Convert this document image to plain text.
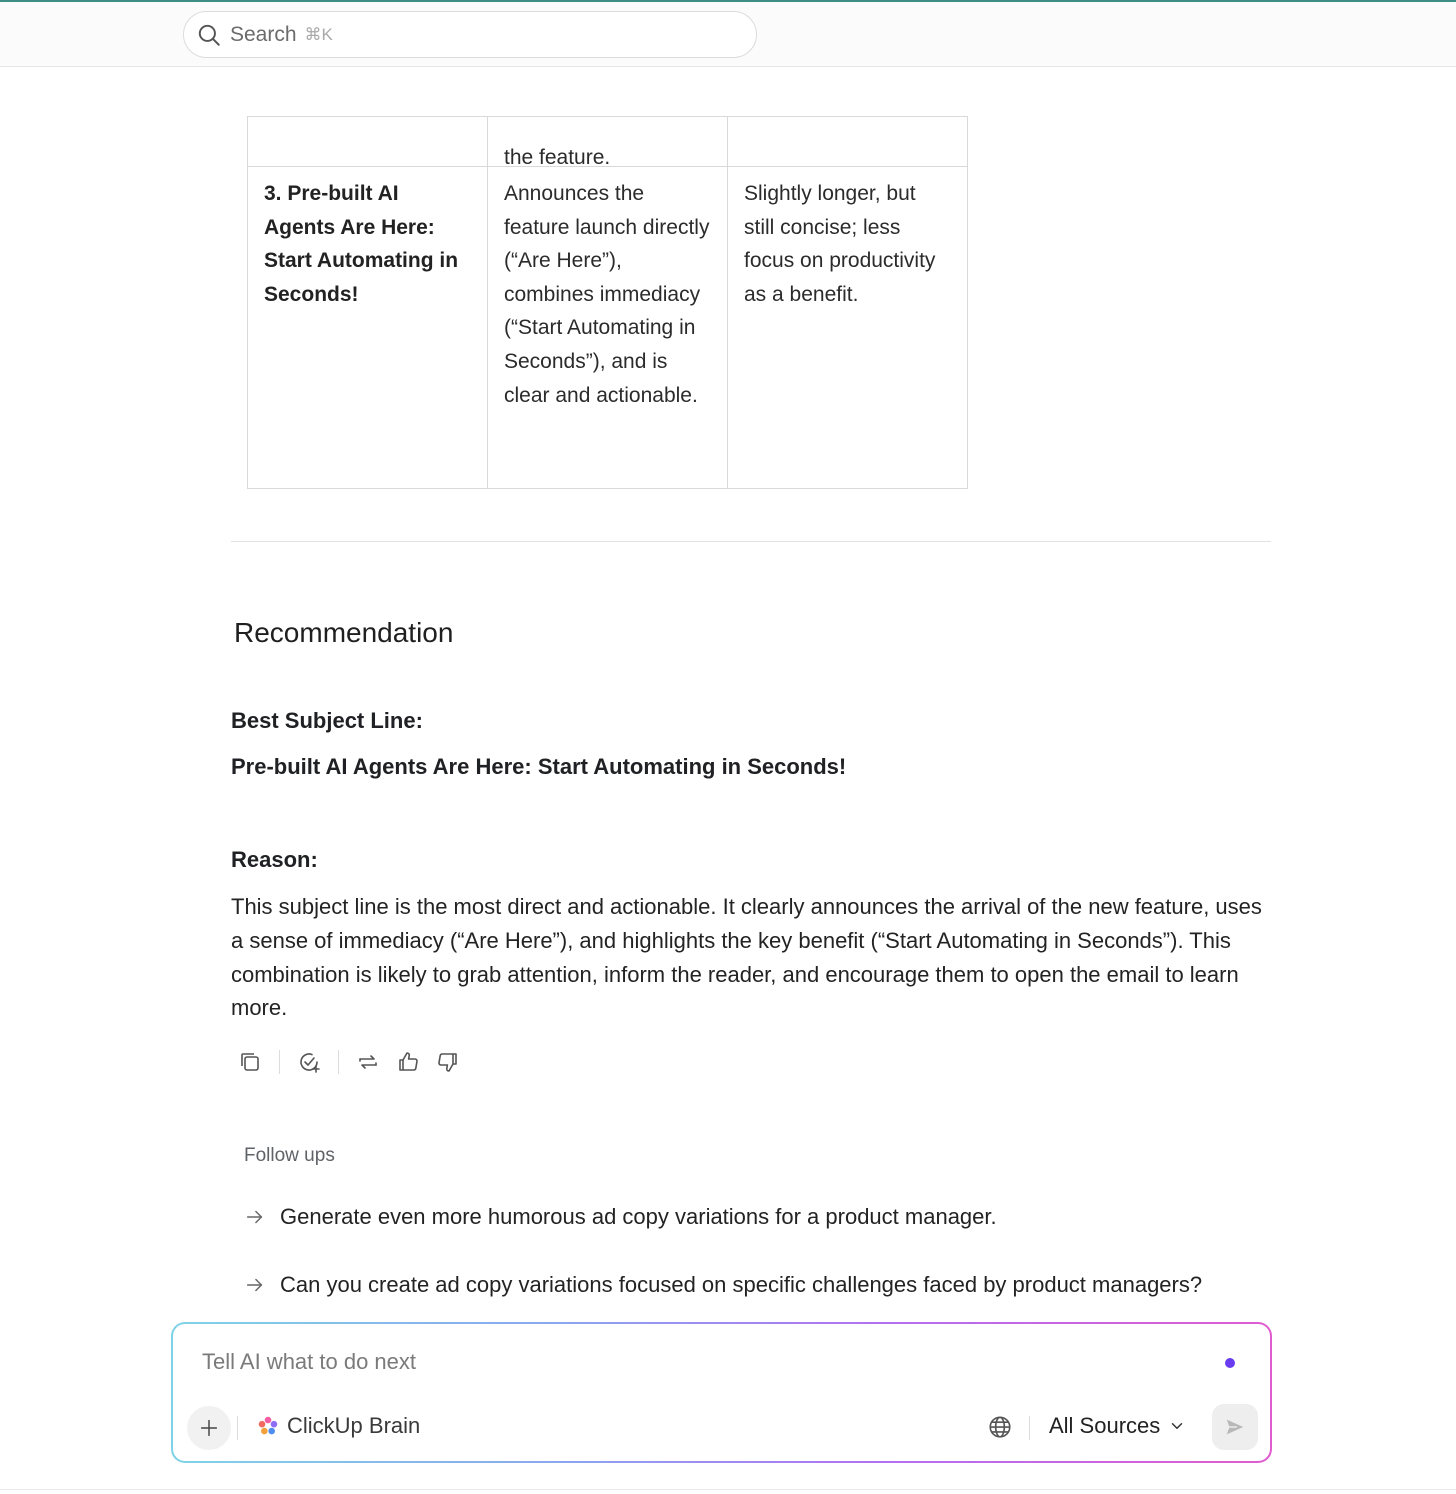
Search ⌘K

	the feature.	

3. Pre-built AI Agents Are Here: Start Automating in Seconds!	Announces the feature launch directly (“Are Here”), combines immediacy (“Start Automating in Seconds”), and is clear and actionable.	Slightly longer, but still concise; less focus on productivity as a benefit.
Recommendation
Best Subject Line:
Pre-built AI Agents Are Here: Start Automating in Seconds!
Reason:
This subject line is the most direct and actionable. It clearly announces the arrival of the new feature, uses a sense of immediacy (“Are Here”), and highlights the key benefit (“Start Automating in Seconds”). This combination is likely to grab attention, inform the reader, and encourage them to open the email to learn more.
Follow ups
Generate even more humorous ad copy variations for a product manager.
Can you create ad copy variations focused on specific challenges faced by product managers?
Tell AI what to do next
ClickUp Brain	All Sources
